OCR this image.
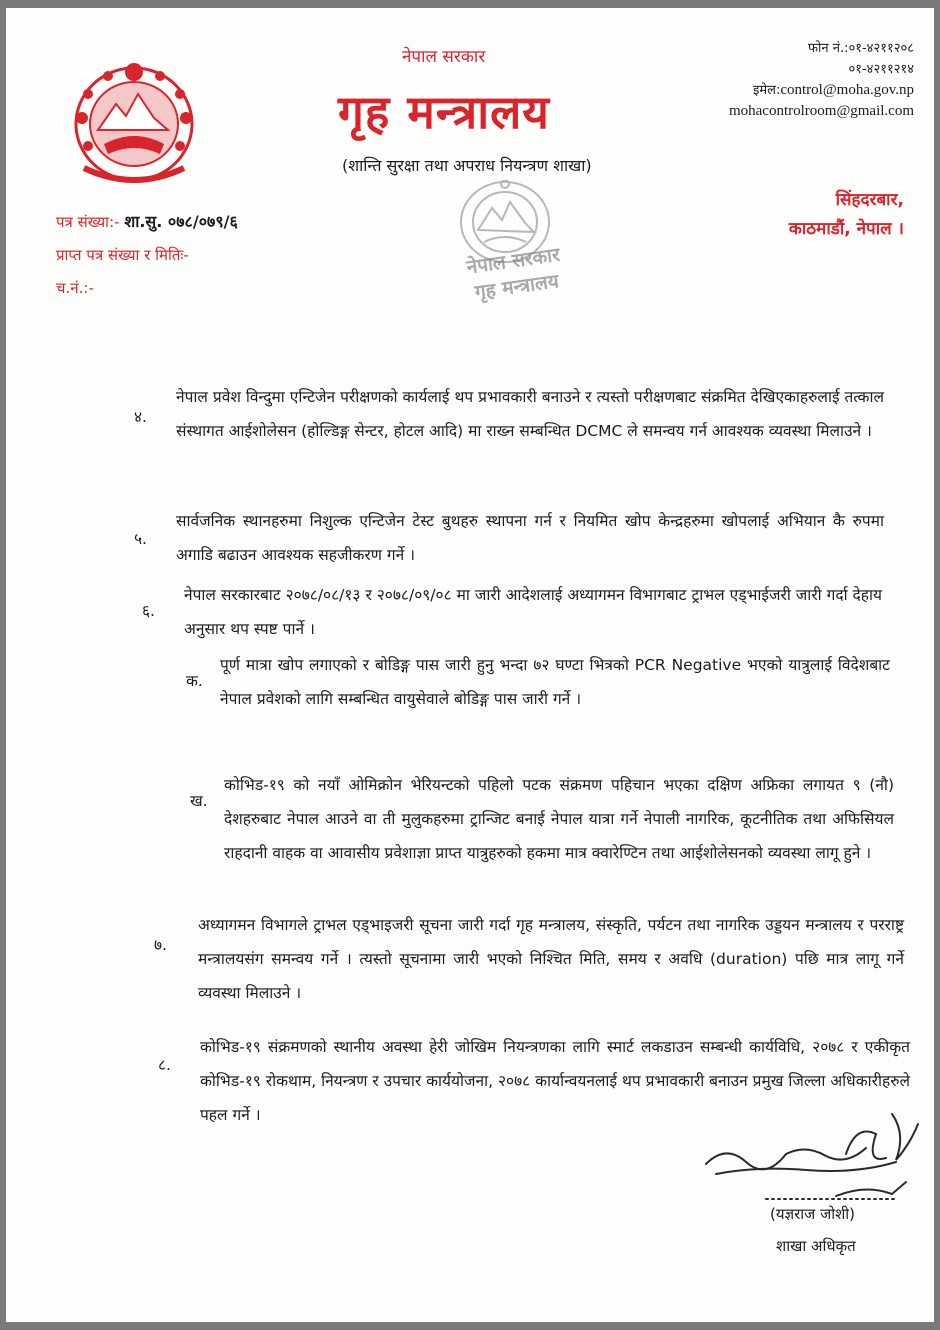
नेपाल सरकार
गृह मन्त्रालय
(शान्ति सुरक्षा तथा अपराध नियन्त्रण शाखा)
फोन नं.:०१-४२११२०८
०१-४२११२१४
इमेल:control@moha.gov.np
mohacontrolroom@gmail.com
सिंहदरबार,
काठमाडौं, नेपाल ।
पत्र संख्या:- शा.सु. ०७८/०७९/६
प्राप्त पत्र संख्या र मितिः-
च.नं.:-
नेपाल सरकार
गृह मन्त्रालय
४.
नेपाल प्रवेश विन्दुमा एन्टिजेन परीक्षणको कार्यलाई थप प्रभावकारी बनाउने र त्यस्तो परीक्षणबाट संक्रमित देखिएकाहरुलाई तत्काल संस्थागत आईशोलेसन (होल्डिङ्ग सेन्टर, होटल आदि) मा राख्न सम्बन्धित DCMC ले समन्वय गर्न आवश्यक व्यवस्था मिलाउने ।
५.
सार्वजनिक स्थानहरुमा निशुल्क एन्टिजेन टेस्ट बुथहरु स्थापना गर्न र नियमित खोप केन्द्रहरुमा खोपलाई अभियान कै रुपमा अगाडि बढाउन आवश्यक सहजीकरण गर्ने ।
६.
नेपाल सरकारबाट २०७८/०८/१३ र २०७८/०९/०८ मा जारी आदेशलाई अध्यागमन विभागबाट ट्राभल एड्भाईजरी जारी गर्दा देहाय अनुसार थप स्पष्ट पार्ने ।
क.
पूर्ण मात्रा खोप लगाएको र बोडिङ्ग पास जारी हुनु भन्दा ७२ घण्टा भित्रको PCR Negative भएको यात्रुलाई विदेशबाट नेपाल प्रवेशको लागि सम्बन्धित वायुसेवाले बोडिङ्ग पास जारी गर्ने ।
ख.
कोभिड-१९ को नयाँ ओमिक्रोन भेरियन्टको पहिलो पटक संक्रमण पहिचान भएका दक्षिण अफ्रिका लगायत ९ (नौ) देशहरुबाट नेपाल आउने वा ती मुलुकहरुमा ट्रान्जिट बनाई नेपाल यात्रा गर्ने नेपाली नागरिक, कूटनीतिक तथा अफिसियल राहदानी वाहक वा आवासीय प्रवेशाज्ञा प्राप्त यात्रुहरुको हकमा मात्र क्वारेण्टिन तथा आईशोलेसनको व्यवस्था लागू हुने ।
७.
अध्यागमन विभागले ट्राभल एड्भाइजरी सूचना जारी गर्दा गृह मन्त्रालय, संस्कृति, पर्यटन तथा नागरिक उड्डयन मन्त्रालय र परराष्ट्र मन्त्रालयसंग समन्वय गर्ने । त्यस्तो सूचनामा जारी भएको निश्चित मिति, समय र अवधि (duration) पछि मात्र लागू गर्ने व्यवस्था मिलाउने ।
८.
कोभिड-१९ संक्रमणको स्थानीय अवस्था हेरी जोखिम नियन्त्रणका लागि स्मार्ट लकडाउन सम्बन्धी कार्यविधि, २०७८ र एकीकृत कोभिड-१९ रोकथाम, नियन्त्रण र उपचार कार्ययोजना, २०७८ कार्यान्वयनलाई थप प्रभावकारी बनाउन प्रमुख जिल्ला अधिकारीहरुले पहल गर्ने ।
(यज्ञराज जोशी)
शाखा अधिकृत
